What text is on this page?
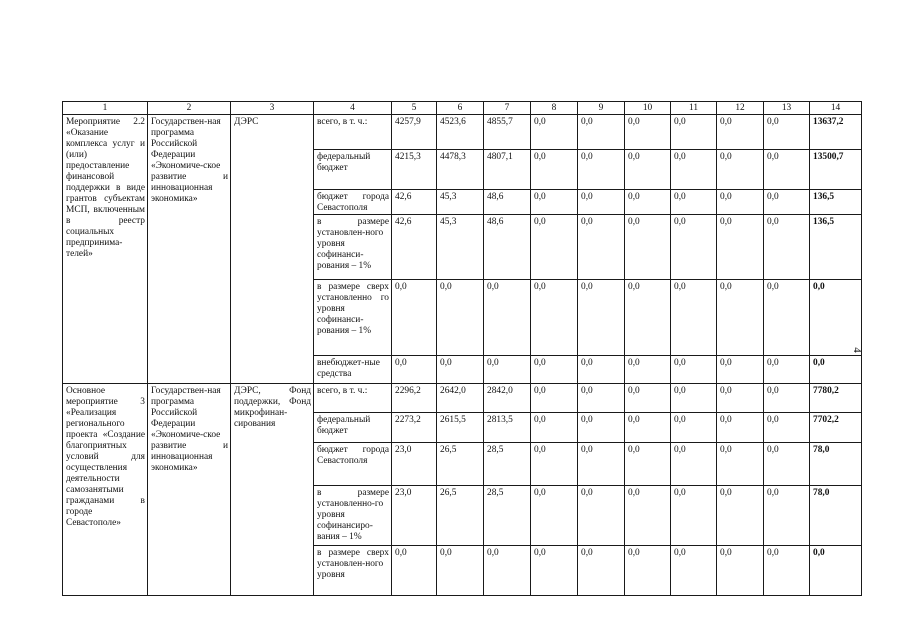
1	2	3	4	5	6	7	8	9	10	11	12	13	14
Мероприятие 2.2 «Оказание комплекса услуг и (или) предоставление финансовой поддержки в виде грантов субъектам МСП, включенным в реестр социальных предпринима-телей»	Государствен-ная программа Российской Федерации «Экономиче-ское развитие и инновационная экономика»	ДЭРС	всего, в т. ч.:	4257,9	4523,6	4855,7	0,0	0,0	0,0	0,0	0,0	0,0	13637,2
			федеральный бюджет	4215,3	4478,3	4807,1	0,0	0,0	0,0	0,0	0,0	0,0	13500,7
			бюджет города Севастополя	42,6	45,3	48,6	0,0	0,0	0,0	0,0	0,0	0,0	136,5
			в размере установлен-ного уровня софинанси-рования – 1%	42,6	45,3	48,6	0,0	0,0	0,0	0,0	0,0	0,0	136,5
			в размере сверх установленно го уровня софинанси-рования – 1%	0,0	0,0	0,0	0,0	0,0	0,0	0,0	0,0	0,0	0,0
			внебюджет-ные средства	0,0	0,0	0,0	0,0	0,0	0,0	0,0	0,0	0,0	0,0
Основное мероприятие 3 «Реализация регионального проекта «Создание благоприятных условий для осуществления деятельности самозанятыми гражданами в городе Севастополе»	Государствен-ная программа Российской Федерации «Экономиче-ское развитие и инновационная экономика»	ДЭРС, Фонд поддержки, Фонд микрофинан-сирования	всего, в т. ч.:	2296,2	2642,0	2842,0	0,0	0,0	0,0	0,0	0,0	0,0	7780,2
			федеральный бюджет	2273,2	2615,5	2813,5	0,0	0,0	0,0	0,0	0,0	0,0	7702,2
			бюджет города Севастополя	23,0	26,5	28,5	0,0	0,0	0,0	0,0	0,0	0,0	78,0
			в размере установленно-го уровня софинансиро-вания – 1%	23,0	26,5	28,5	0,0	0,0	0,0	0,0	0,0	0,0	78,0
			в размере сверх установлен-ного уровня	0,0	0,0	0,0	0,0	0,0	0,0	0,0	0,0	0,0	0,0
4
